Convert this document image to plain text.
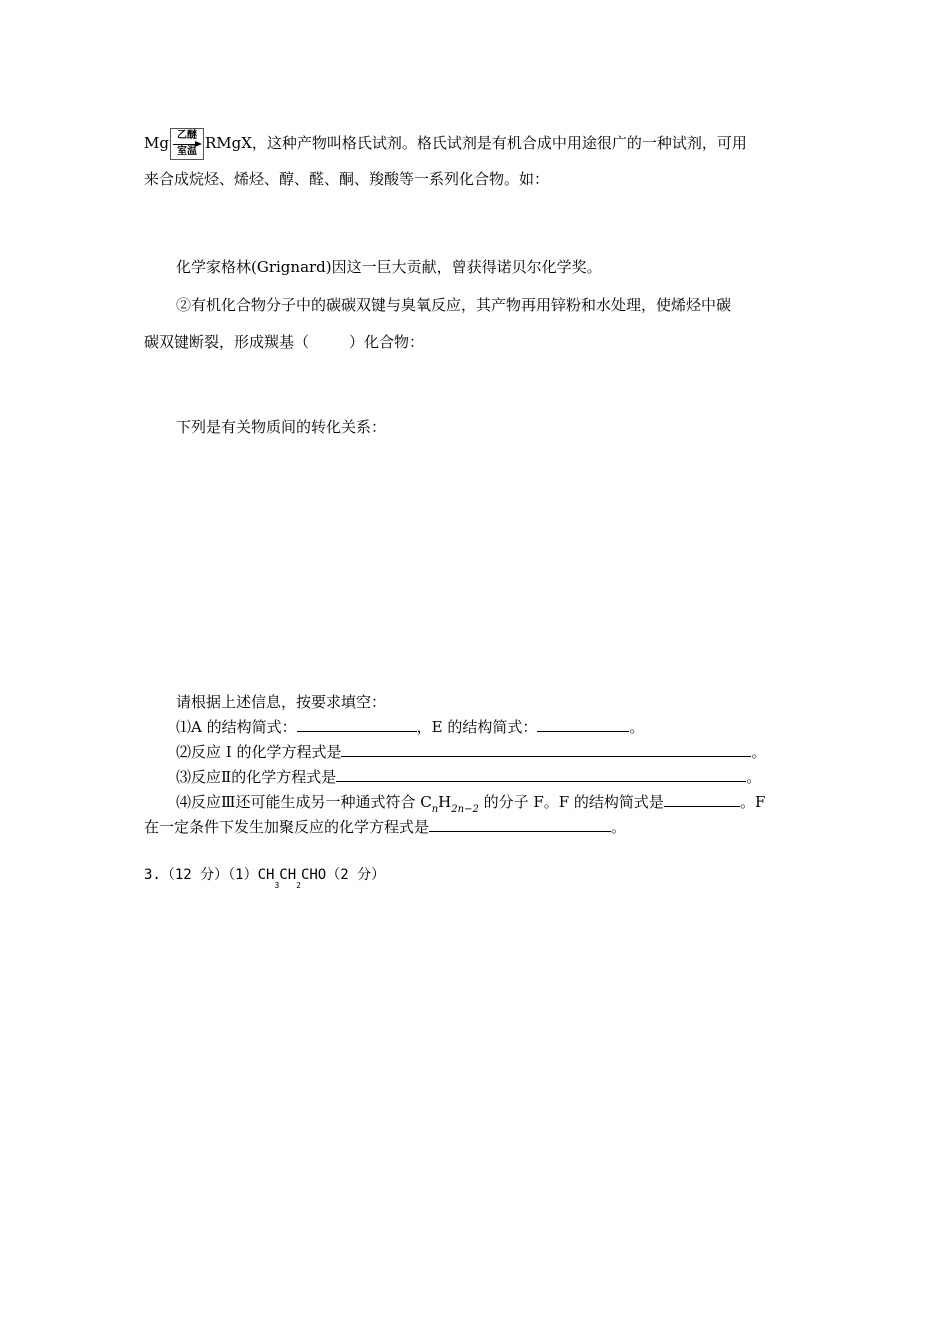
Mg 乙醚
室温 RMgX，这种产物叫格氏试剂。格氏试剂是有机合成中用途很广的一种试剂，可用
来合成烷烃、烯烃、醇、醛、酮、羧酸等一系列化合物。如：
化学家格林(Grignard)因这一巨大贡献，曾获得诺贝尔化学奖。
②有机化合物分子中的碳碳双键与臭氧反应，其产物再用锌粉和水处理，使烯烃中碳
碳双键断裂，形成羰基（	）化合物：
下列是有关物质间的转化关系：
请根据上述信息，按要求填空：
⑴A 的结构简式：	，E 的结构简式：	。
⑵反应 I 的化学方程式是	。
⑶反应Ⅱ的化学方程式是	。
⑷反应Ⅲ还可能生成另一种通式符合 $C_nH_{2n-2}$ 的分子 F。F 的结构简式是	。F
在一定条件下发生加聚反应的化学方程式是	。
3.（12 分）$(1)CH_3CH_2CHO(2$ 分）
